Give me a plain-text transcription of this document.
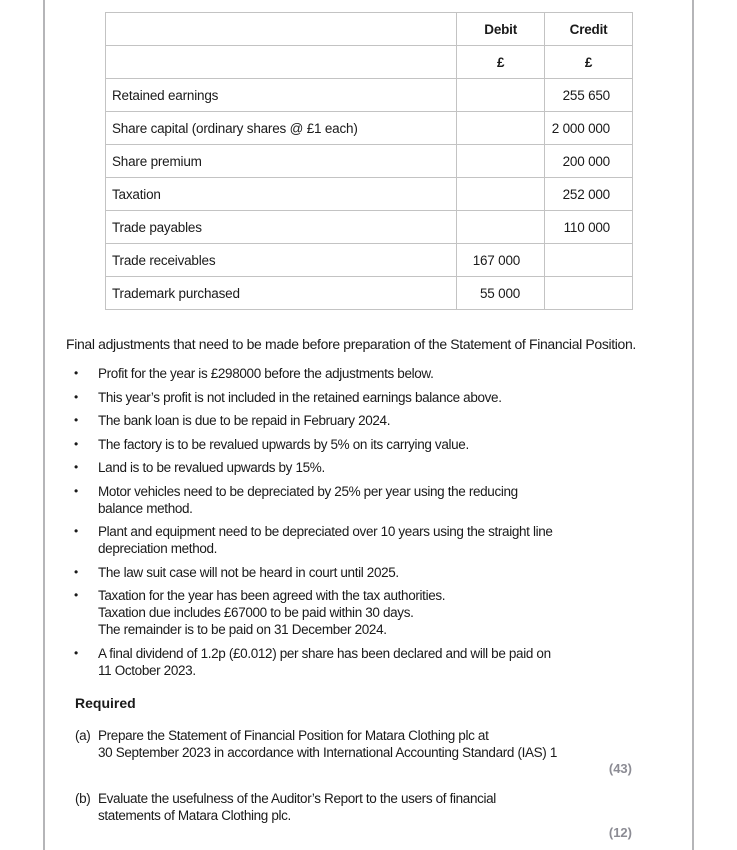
	Debit	Credit
	£	£
Retained earnings		255 650
Share capital (ordinary shares @ £1 each)		2 000 000
Share premium		200 000
Taxation		252 000
Trade payables		110 000
Trade receivables	167 000	
Trademark purchased	55 000	
Final adjustments that need to be made before preparation of the Statement of Financial Position.
• Profit for the year is £298000 before the adjustments below.
• This year’s profit is not included in the retained earnings balance above.
• The bank loan is due to be repaid in February 2024.
• The factory is to be revalued upwards by 5% on its carrying value.
• Land is to be revalued upwards by 15%.
• Motor vehicles need to be depreciated by 25% per year using the reducing
balance method.
• Plant and equipment need to be depreciated over 10 years using the straight line
depreciation method.
• The law suit case will not be heard in court until 2025.
• Taxation for the year has been agreed with the tax authorities.
Taxation due includes £67000 to be paid within 30 days.
The remainder is to be paid on 31 December 2024.
• A final dividend of 1.2p (£0.012) per share has been declared and will be paid on
11 October 2023.
Required
(a) Prepare the Statement of Financial Position for Matara Clothing plc at
30 September 2023 in accordance with International Accounting Standard (IAS) 1
(43)
(b) Evaluate the usefulness of the Auditor’s Report to the users of financial
statements of Matara Clothing plc.
(12)
